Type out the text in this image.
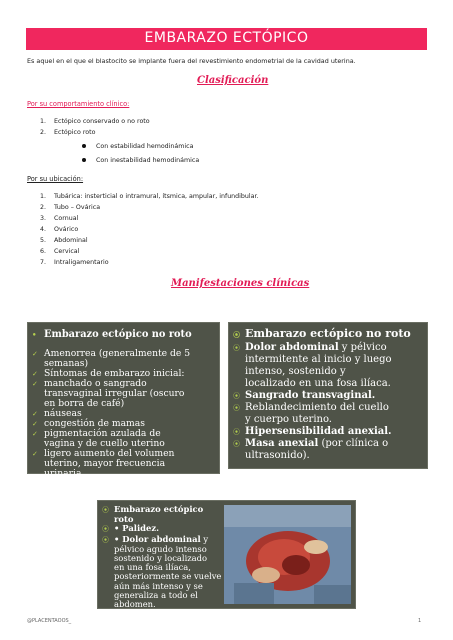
EMBARAZO ECTÓPICO
Es aquel en el que el blastocito se implante fuera del revestimiento endometrial de la cavidad uterina.
Clasificación
Por su comportamiento clínico:
1. Ectópico conservado o no roto
2. Ectópico roto
Con estabilidad hemodinámica
Con inestabilidad hemodinámica
Por su ubicación:
1. Tubárica: insterticial o intramural, ítsmica, ampular, infundibular.
2. Tubo – Ovárica
3. Cornual
4. Ovárico
5. Abdominal
6. Cervical
7. Intraligamentario
Manifestaciones clínicas
• Embarazo ectópico no roto
✓ Amenorrea (generalmente de 5
semanas)
✓ Síntomas de embarazo inicial:
✓ manchado o sangrado
transvaginal irregular (oscuro
en borra de café)
✓ náuseas
✓ congestión de mamas
✓ pigmentación azulada de
vagina y de cuello uterino
✓ ligero aumento del volumen
uterino, mayor frecuencia
urinaria.
⦿ Embarazo ectópico no roto
⦿ Dolor abdominal y pélvico
intermitente al inicio y luego
intenso, sostenido y
localizado en una fosa ilíaca.
⦿ Sangrado transvaginal.
⦿ Reblandecimiento del cuello
y cuerpo uterino.
⦿ Hipersensibilidad anexial.
⦿ Masa anexial (por clínica o
ultrasonido).
⦿ Embarazo ectópico
roto
⦿ • Palidez.
⦿ • Dolor abdominal y
pélvico agudo intenso
sostenido y localizado
en una fosa ilíaca,
posteriormente se vuelve
aún más intenso y se
generaliza a todo el
abdomen.
@PLACENTAOOS_	1
